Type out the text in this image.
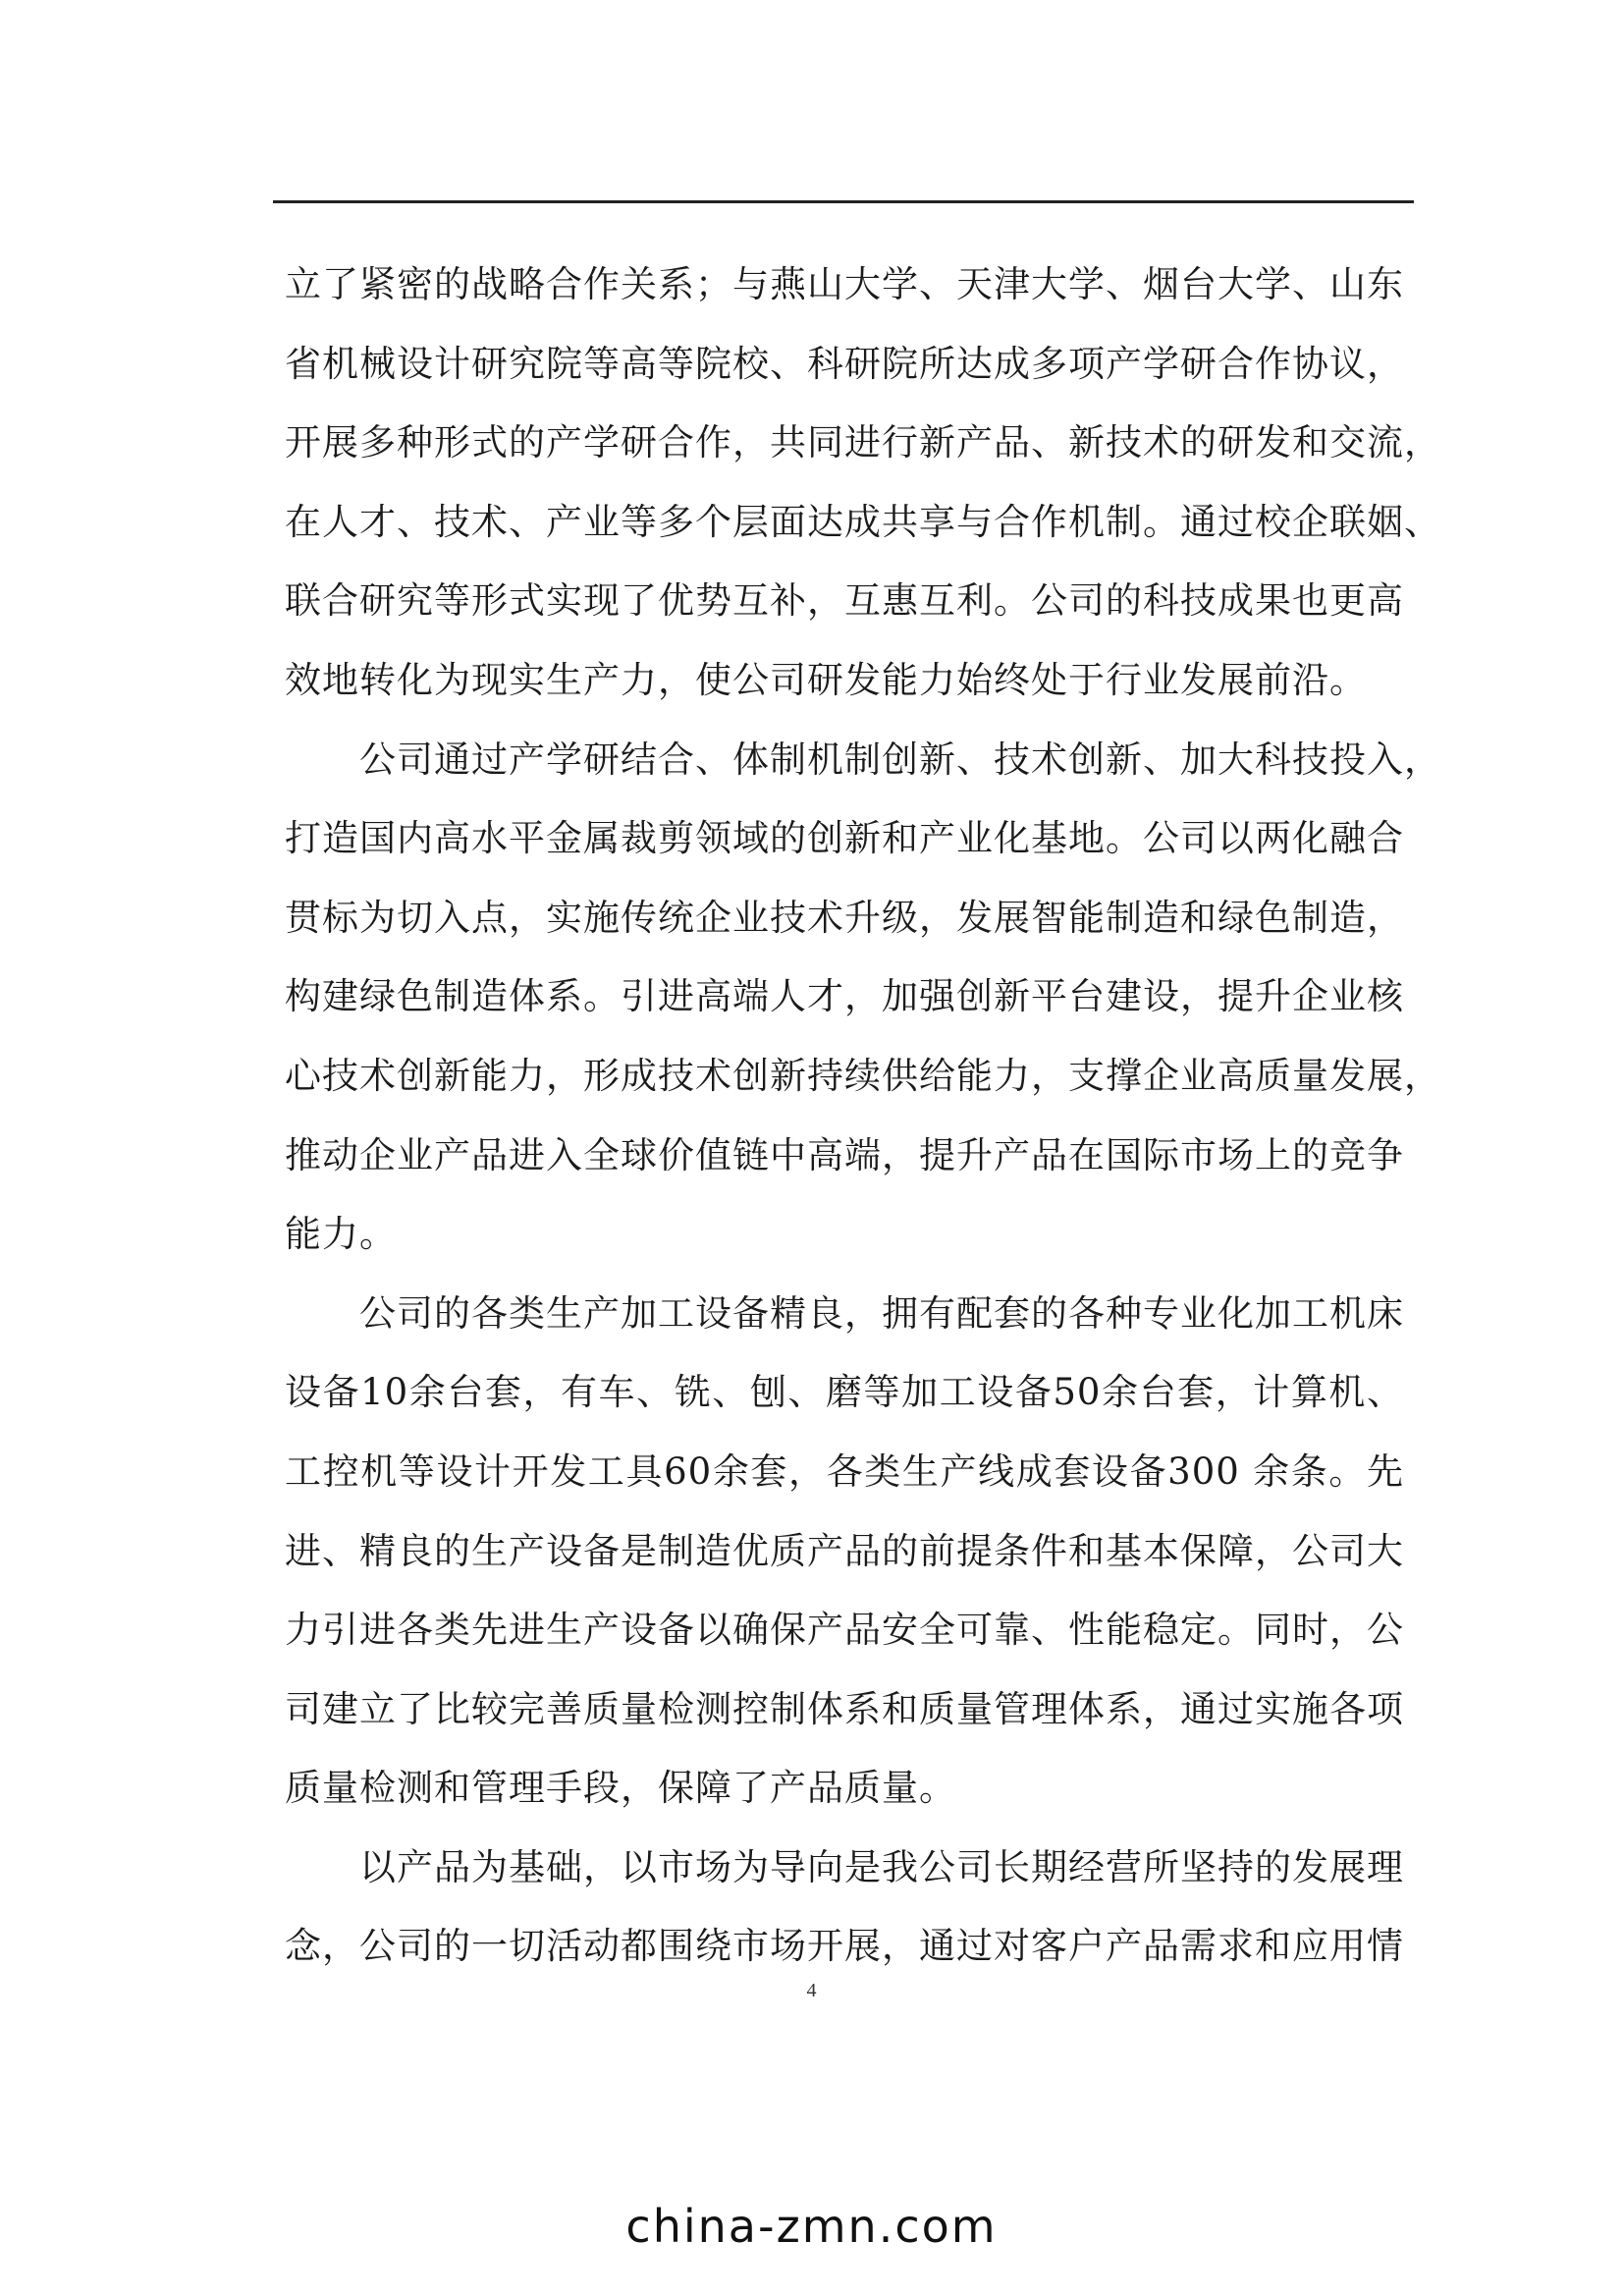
立了紧密的战略合作关系；与燕山大学、天津大学、烟台大学、山东
省机械设计研究院等高等院校、科研院所达成多项产学研合作协议，
开展多种形式的产学研合作，共同进行新产品、新技术的研发和交流，
在人才、技术、产业等多个层面达成共享与合作机制。通过校企联姻、
联合研究等形式实现了优势互补，互惠互利。公司的科技成果也更高
效地转化为现实生产力，使公司研发能力始终处于行业发展前沿。

公司通过产学研结合、体制机制创新、技术创新、加大科技投入，
打造国内高水平金属裁剪领域的创新和产业化基地。公司以两化融合
贯标为切入点，实施传统企业技术升级，发展智能制造和绿色制造，
构建绿色制造体系。引进高端人才，加强创新平台建设，提升企业核
心技术创新能力，形成技术创新持续供给能力，支撑企业高质量发展，
推动企业产品进入全球价值链中高端，提升产品在国际市场上的竞争
能力。

公司的各类生产加工设备精良，拥有配套的各种专业化加工机床
设备10余台套，有车、铣、刨、磨等加工设备50余台套，计算机、
工控机等设计开发工具60余套，各类生产线成套设备300 余条。先
进、精良的生产设备是制造优质产品的前提条件和基本保障，公司大
力引进各类先进生产设备以确保产品安全可靠、性能稳定。同时，公
司建立了比较完善质量检测控制体系和质量管理体系，通过实施各项
质量检测和管理手段，保障了产品质量。

以产品为基础，以市场为导向是我公司长期经营所坚持的发展理
念，公司的一切活动都围绕市场开展，通过对客户产品需求和应用情

4
china-zmn.com
